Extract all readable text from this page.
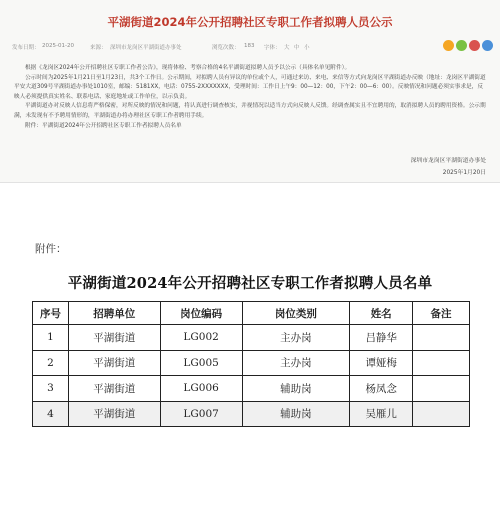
平湖街道2024年公开招聘社区专职工作者拟聘人员公示
发布日期： 2025-01-20	来源： 深圳市龙岗区平湖街道办事处	浏览次数： 183 字体： 大 中 小

根据《龙岗区2024年公开招聘社区专职工作者公告》，现将体检、考察合格的4名平湖街道拟聘人员予以公示（具体名单见附件）。

公示时间为2025年1月21日至1月23日，共3个工作日。公示期间，对拟聘人员有异议的单位或个人，可通过来访、来电、来信等方式向龙岗区平湖街道办反映（地址：龙岗区平湖街道平安大道309号平湖街道办事处1010室，邮编：5181XX，电话：0755-2XXXXXXX，受理时间：工作日上午9：00—12：00，下午2：00—6：00）。反映情况和问题必须实事求是，反映人必须提供真实姓名、联系电话、家庭地址或工作单位，以示负责。

平湖街道办对反映人信息将严格保密，对所反映的情况和问题，将认真进行调查核实，并视情况以适当方式向反映人反馈。经调查属实且不宜聘用的，取消拟聘人员的聘用资格。公示期满，未发现有不予聘用情形的，平湖街道办将办理社区专职工作者聘用手续。

附件：平湖街道2024年公开招聘社区专职工作者拟聘人员名单

深圳市龙岗区平湖街道办事处
2025年1月20日
附件：
平湖街道2024年公开招聘社区专职工作者拟聘人员名单
序号	招聘单位	岗位编码	岗位类别	姓名	备注
1	平湖街道	LG002	主办岗	吕静华	
2	平湖街道	LG005	主办岗	谭娅梅	
3	平湖街道	LG006	辅助岗	杨凤念	
4	平湖街道	LG007	辅助岗	吴雁儿	
